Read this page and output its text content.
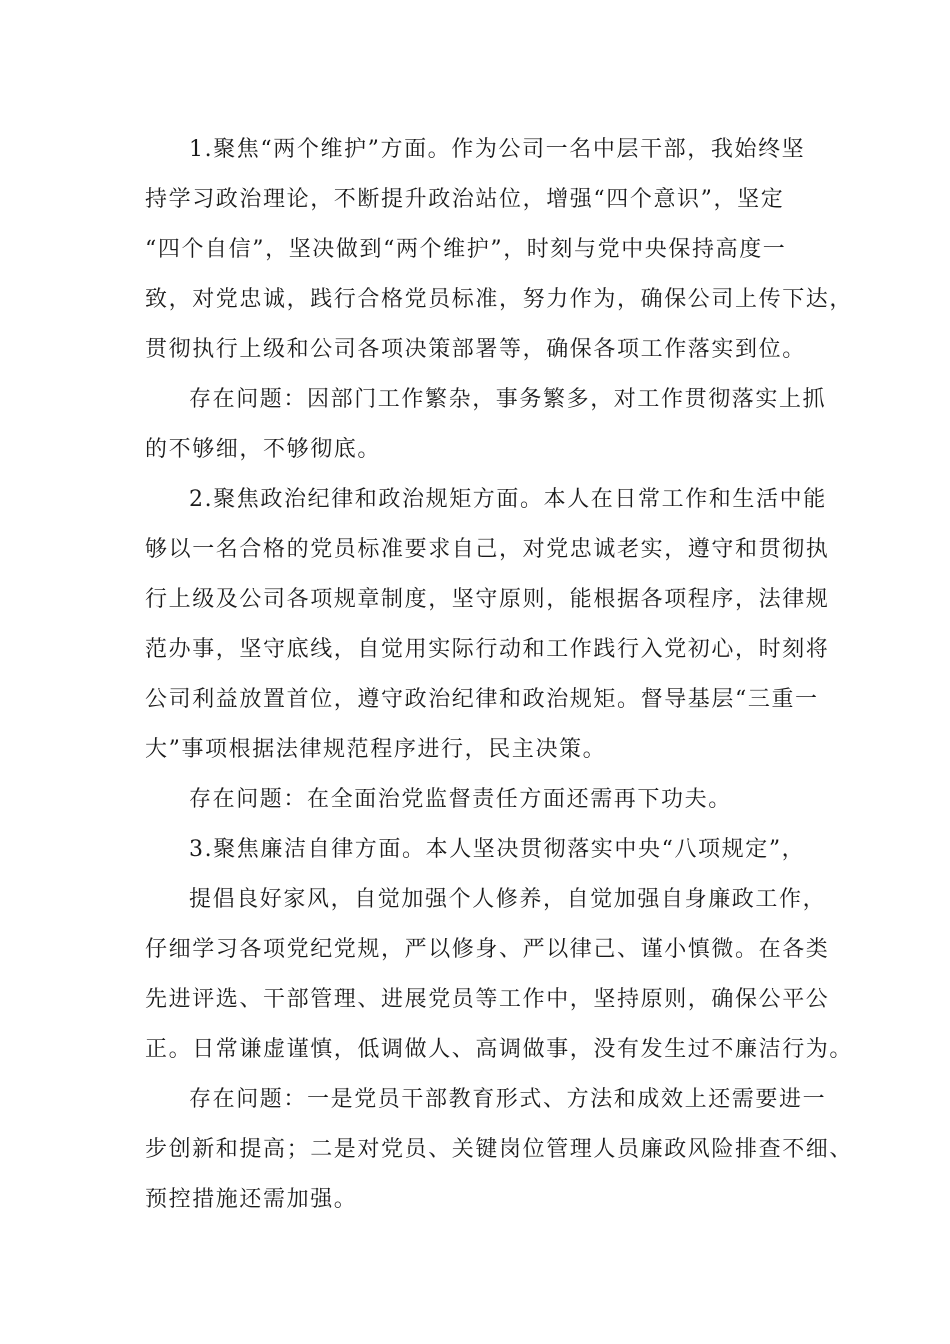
1.聚焦“两个维护”方面。作为公司一名中层干部，我始终坚
持学习政治理论，不断提升政治站位，增强“四个意识”，坚定
“四个自信”，坚决做到“两个维护”，时刻与党中央保持高度一
致，对党忠诚，践行合格党员标准，努力作为，确保公司上传下达，
贯彻执行上级和公司各项决策部署等，确保各项工作落实到位。
存在问题：因部门工作繁杂，事务繁多，对工作贯彻落实上抓
的不够细，不够彻底。
2.聚焦政治纪律和政治规矩方面。本人在日常工作和生活中能
够以一名合格的党员标准要求自己，对党忠诚老实，遵守和贯彻执
行上级及公司各项规章制度，坚守原则，能根据各项程序，法律规
范办事，坚守底线，自觉用实际行动和工作践行入党初心，时刻将
公司利益放置首位，遵守政治纪律和政治规矩。督导基层“三重一
大”事项根据法律规范程序进行，民主决策。
存在问题：在全面治党监督责任方面还需再下功夫。
3.聚焦廉洁自律方面。本人坚决贯彻落实中央“八项规定”，
提倡良好家风，自觉加强个人修养，自觉加强自身廉政工作，
仔细学习各项党纪党规，严以修身、严以律己、谨小慎微。在各类
先进评选、干部管理、进展党员等工作中，坚持原则，确保公平公
正。日常谦虚谨慎，低调做人、高调做事，没有发生过不廉洁行为。
存在问题：一是党员干部教育形式、方法和成效上还需要进一
步创新和提高；二是对党员、关键岗位管理人员廉政风险排查不细、
预控措施还需加强。
